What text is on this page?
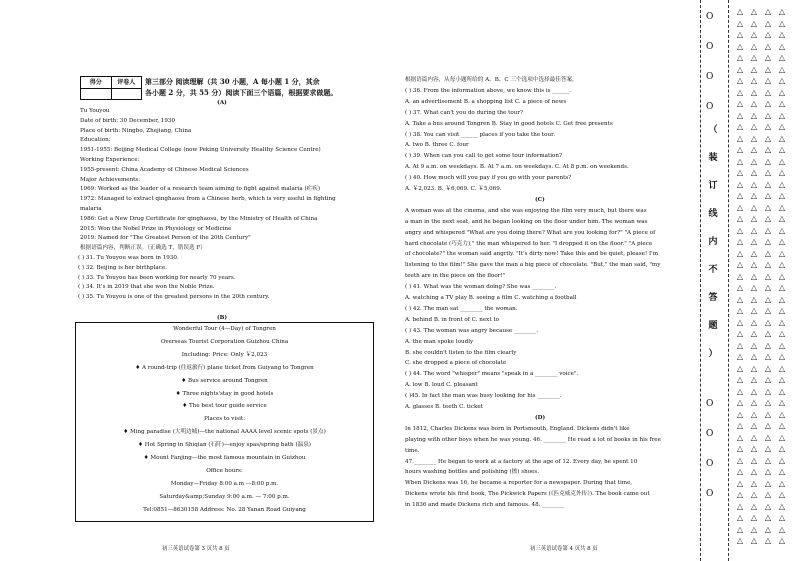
得分	评卷人	第三部分 阅读理解（共 30 小题，A 每小题 1 分，其余
各小题 2 分，共 55 分）阅读下面三个语篇，根据要求做题。
(A)
Tu Youyou
Date of birth: 30 December, 1930
Place of birth: Ningbo, Zhejiang, China
Education:
1951-1955: Beijing Medical College (now Peking University Healthy Science Centre)
Working Experience:
1955-present: China Academy of Chinese Medical Sciences
Major Achievements:
1969: Worked as the leader of a research team aiming to fight against malaria (疟疾)
1972: Managed to extract qinghaosu from a Chinese herb, which is very useful in fighting
malaria
1986: Get a New Drug Certificate for qinghaosu, by the Ministry of Health of China
2015: Won the Nobel Prize in Physiology or Medicine
2019: Named for "The Greatest Person of the 20th Century"
根据语篇内容，判断正误。（正确选 T，错误选 F）
( ) 31. Tu Youyou was born in 1930.
( ) 32. Beijing is her birthplace.
( ) 33. Tu Youyou has been working for nearly 70 years.
( ) 34. It's in 2019 that she won the Noble Prize.
( ) 35. Tu Youyou is one of the greatest persons in the 20th century.
(B)
Wonderful Tour (4—Day) of Tongren
Overseas Tourist Corporation Guizhou China
Including: Price: Only ￥2,023
♦ A round-trip (往返旅行) plane ticket from Guiyang to Tongren
♦ Bus service around Tongren
♦ Three nights'stay in good hotels
♦ The best tour guide service
Places to visit:
♦ Ming paradise (大明边城)—the national AAAA level scenic spots (景点)
♦ Hot Spring in Shiqian (石阡)—enjoy spas/spring bath (温泉)
♦ Mount Fanjing—the most famous mountain in Guizhou
Office hours:
Monday—Friday 8:00 a.m —8:00 p.m.
Saturday&amp;Sunday 9:00 a.m. — 7:00 p.m.
Tel:0851—8630158 Address: No. 28 Yanan Road Guiyang
初三英语试卷第 3 页共 8 页
根据语篇内容，从每小题所给的 A、B、C 三个选项中选择最佳答案。
( ) 36. From the information above, we know this is ______.
A. an advertisement B. a shopping list C. a piece of news
( ) 37. What can't you do during the tour?
A. Take a bus around Tongren B. Stay in good hotels C. Get free presents
( ) 38. You can visit ______ places if you take the tour.
A. two B. three C. four
( ) 39. When can you call to get some tour information?
A. At 9 a.m. on weekdays. B. At 7 a.m. on weekdays. C. At 8 p.m. on weekends.
( ) 40. How much will you pay if you go with your parents?
A. ￥2,023. B. ￥6,069. C. ￥5,069.
(C)
A woman was at the cinema, and she was enjoying the film very much, but there was
a man in the next seat, and he began looking on the floor under him. The woman was
angry and whispered "What are you doing there? What are you looking for?" "A piece of
hard chocolate (巧克力)," the man whispered to her. "I dropped it on the floor." "A piece
of chocolate?" the woman said angrily. "It's dirty now! Take this and be quiet, please! I'm
listening to the film!" She gave the man a big piece of chocolate. "But," the man said, "my
teeth are in the piece on the floor!"
( ) 41. What was the woman doing? She was ________.
A. watching a TV play B. seeing a film C. watching a football
( ) 42. The man sat ________ the woman.
A. behind B. in front of C. next to
( ) 43. The woman was angry because ________.
A. the man spoke loudly
B. she couldn't listen to the film clearly
C. she dropped a piece of chocolate
( ) 44. The word "whisper" means "speak in a ________ voice".
A. low B. loud C. pleasant
( )45. In fact the man was busy looking for his ________.
A. glasses B. teeth C. ticket
(D)
In 1812, Charles Dickens was born in Portsmouth, England. Dickens didn't like
playing with other boys when he was young. 46. ________ He read a lot of books in his free
time.
47.________ He began to work at a factory at the age of 12. Every day, he spent 10
hours washing bottles and polishing (擦) shoes.
When Dickens was 16, he became a reporter for a newspaper. During that time,
Dickens wrote his first book, The Pickwick Papers (《匹克威克外传》). The book came out
in 1836 and made Dickens rich and famous. 48. ________
初三英语试卷第 4 页共 8 页
O
O
O
O
O
O
O
O
（
装
订
线
内
不
答
题
）
△
△
△
△
△
△
△
△
△
△
△
△
△
△
△
△
△
△
△
△
△
△
△
△
△
△
△
△
△
△
△
△
△
△
△
△
△
△
△
△
△
△
△
△
△
△
△
△
△
△
△
△
△
△
△
△
△
△
△
△
△
△
△
△
△
△
△
△
△
△
△
△
△
△
△
△
△
△
△
△
△
△
△
△
△
△
△
△
△
△
△
△
△
△
△
△
△
△
△
△
△
△
△
△
△
△
△
△
△
△
△
△
△
△
△
△
△
△
△
△
△
△
△
△
△
△
△
△
△
△
△
△
△
△
△
△
△
△
△
△
△
△
△
△
△
△
△
△
△
△
△
△
△
△
△
△
△
△
△
△
△
△
△
△
△
△
△
△
△
△
△
△
△
△
△
△
△
△
△
△
△
△
△
△
△
△
△
△
